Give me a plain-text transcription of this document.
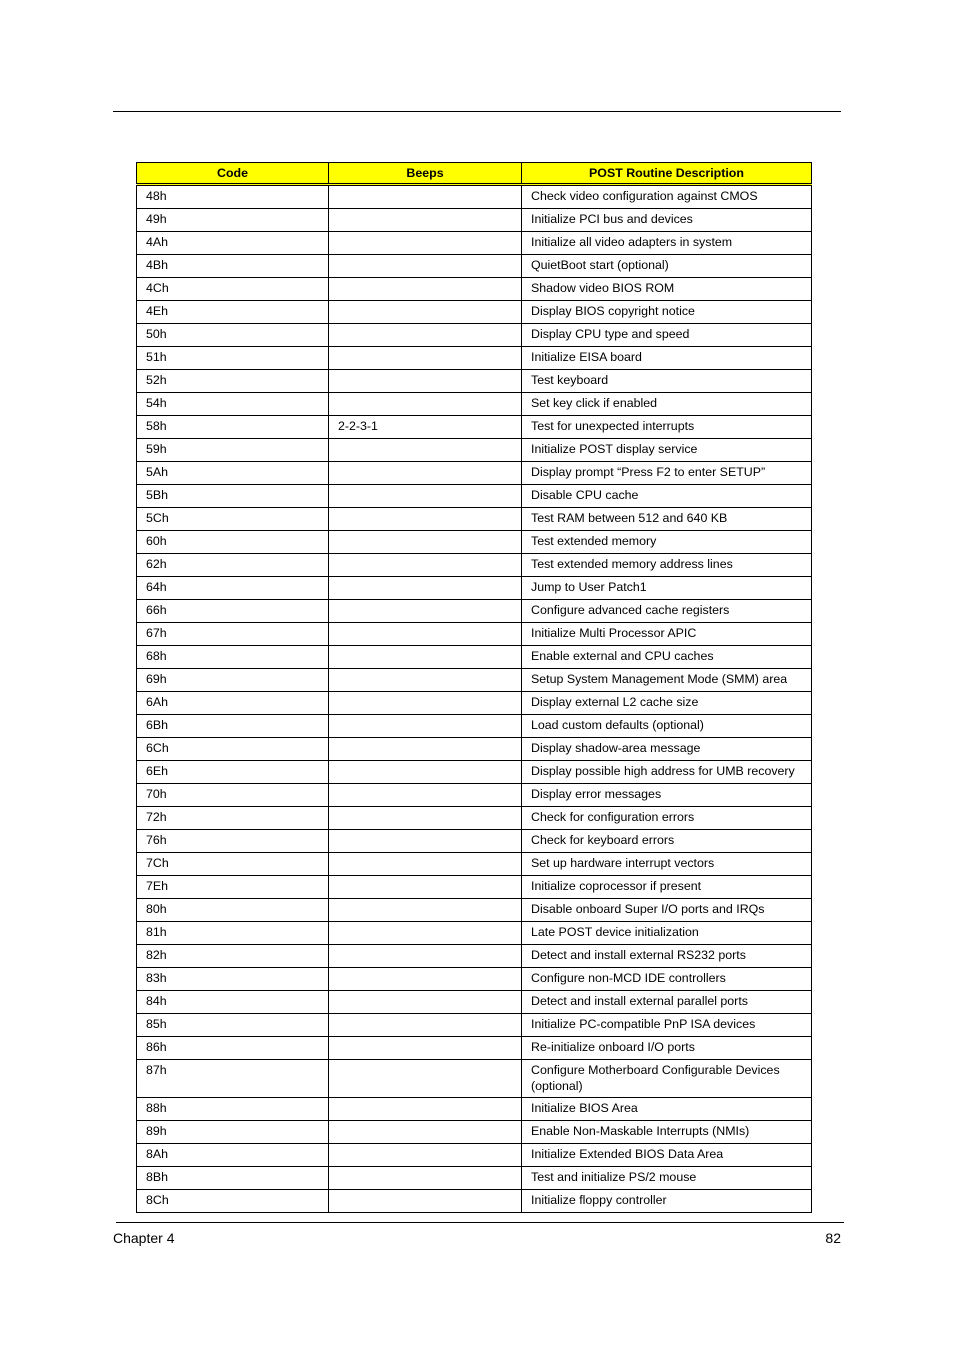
Code	Beeps	POST Routine Description
48h		Check video configuration against CMOS
49h		Initialize PCI bus and devices
4Ah		Initialize all video adapters in system
4Bh		QuietBoot start (optional)
4Ch		Shadow video BIOS ROM
4Eh		Display BIOS copyright notice
50h		Display CPU type and speed
51h		Initialize EISA board
52h		Test keyboard
54h		Set key click if enabled
58h	2-2-3-1	Test for unexpected interrupts
59h		Initialize POST display service
5Ah		Display prompt “Press F2 to enter SETUP”
5Bh		Disable CPU cache
5Ch		Test RAM between 512 and 640 KB
60h		Test extended memory
62h		Test extended memory address lines
64h		Jump to User Patch1
66h		Configure advanced cache registers
67h		Initialize Multi Processor APIC
68h		Enable external and CPU caches
69h		Setup System Management Mode (SMM) area
6Ah		Display external L2 cache size
6Bh		Load custom defaults (optional)
6Ch		Display shadow-area message
6Eh		Display possible high address for UMB recovery
70h		Display error messages
72h		Check for configuration errors
76h		Check for keyboard errors
7Ch		Set up hardware interrupt vectors
7Eh		Initialize coprocessor if present
80h		Disable onboard Super I/O ports and IRQs
81h		Late POST device initialization
82h		Detect and install external RS232 ports
83h		Configure non-MCD IDE controllers
84h		Detect and install external parallel ports
85h		Initialize PC-compatible PnP ISA devices
86h		Re-initialize onboard I/O ports
87h		Configure Motherboard Configurable Devices (optional)
88h		Initialize BIOS Area
89h		Enable Non-Maskable Interrupts (NMIs)
8Ah		Initialize Extended BIOS Data Area
8Bh		Test and initialize PS/2 mouse
8Ch		Initialize floppy controller
Chapter 4	82
